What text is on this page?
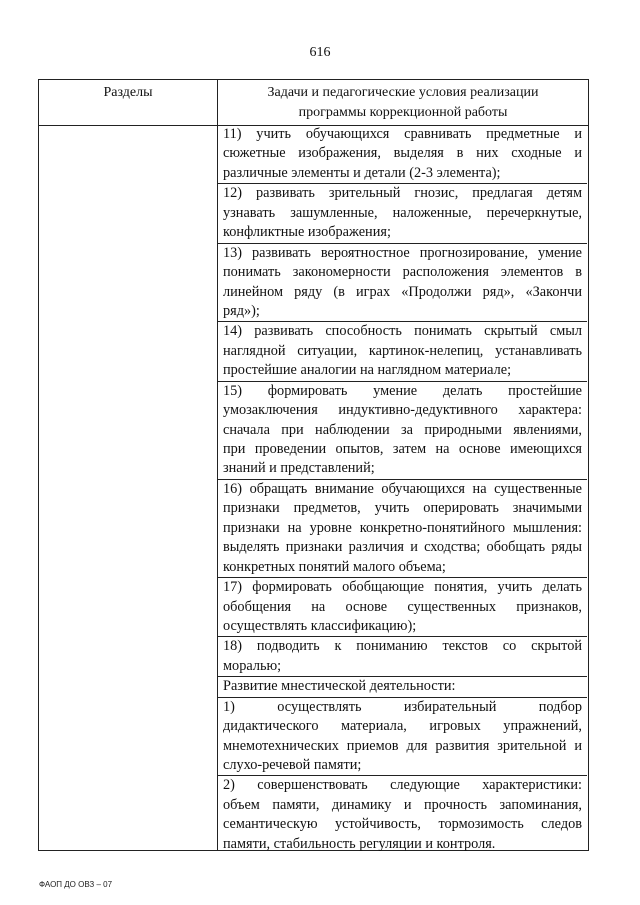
616
Разделы	Задачи и педагогические условия реализации
программы коррекционной работы
11) учить обучающихся сравнивать предметные и
сюжетные изображения, выделяя в них сходные и
различные элементы и детали (2-3 элемента);
12) развивать зрительный гнозис, предлагая детям
узнавать зашумленные, наложенные, перечеркнутые,
конфликтные изображения;
13) развивать вероятностное прогнозирование, умение
понимать закономерности расположения элементов в
линейном ряду (в играх «Продолжи ряд», «Закончи
ряд»);
14) развивать способность понимать скрытый смыл
наглядной ситуации, картинок-нелепиц, устанавливать
простейшие аналогии на наглядном материале;
15) формировать умение делать простейшие
умозаключения индуктивно-дедуктивного характера:
сначала при наблюдении за природными явлениями,
при проведении опытов, затем на основе имеющихся
знаний и представлений;
16) обращать внимание обучающихся на существенные
признаки предметов, учить оперировать значимыми
признаки на уровне конкретно-понятийного мышления:
выделять признаки различия и сходства; обобщать ряды
конкретных понятий малого объема;
17) формировать обобщающие понятия, учить делать
обобщения на основе существенных признаков,
осуществлять классификацию);
18) подводить к пониманию текстов со скрытой
моралью;
Развитие мнестической деятельности:
1) осуществлять избирательный подбор
дидактического материала, игровых упражнений,
мнемотехнических приемов для развития зрительной и
слухо-речевой памяти;
2) совершенствовать следующие характеристики:
объем памяти, динамику и прочность запоминания,
семантическую устойчивость, тормозимость следов
памяти, стабильность регуляции и контроля.
ФАОП ДО ОВЗ – 07
